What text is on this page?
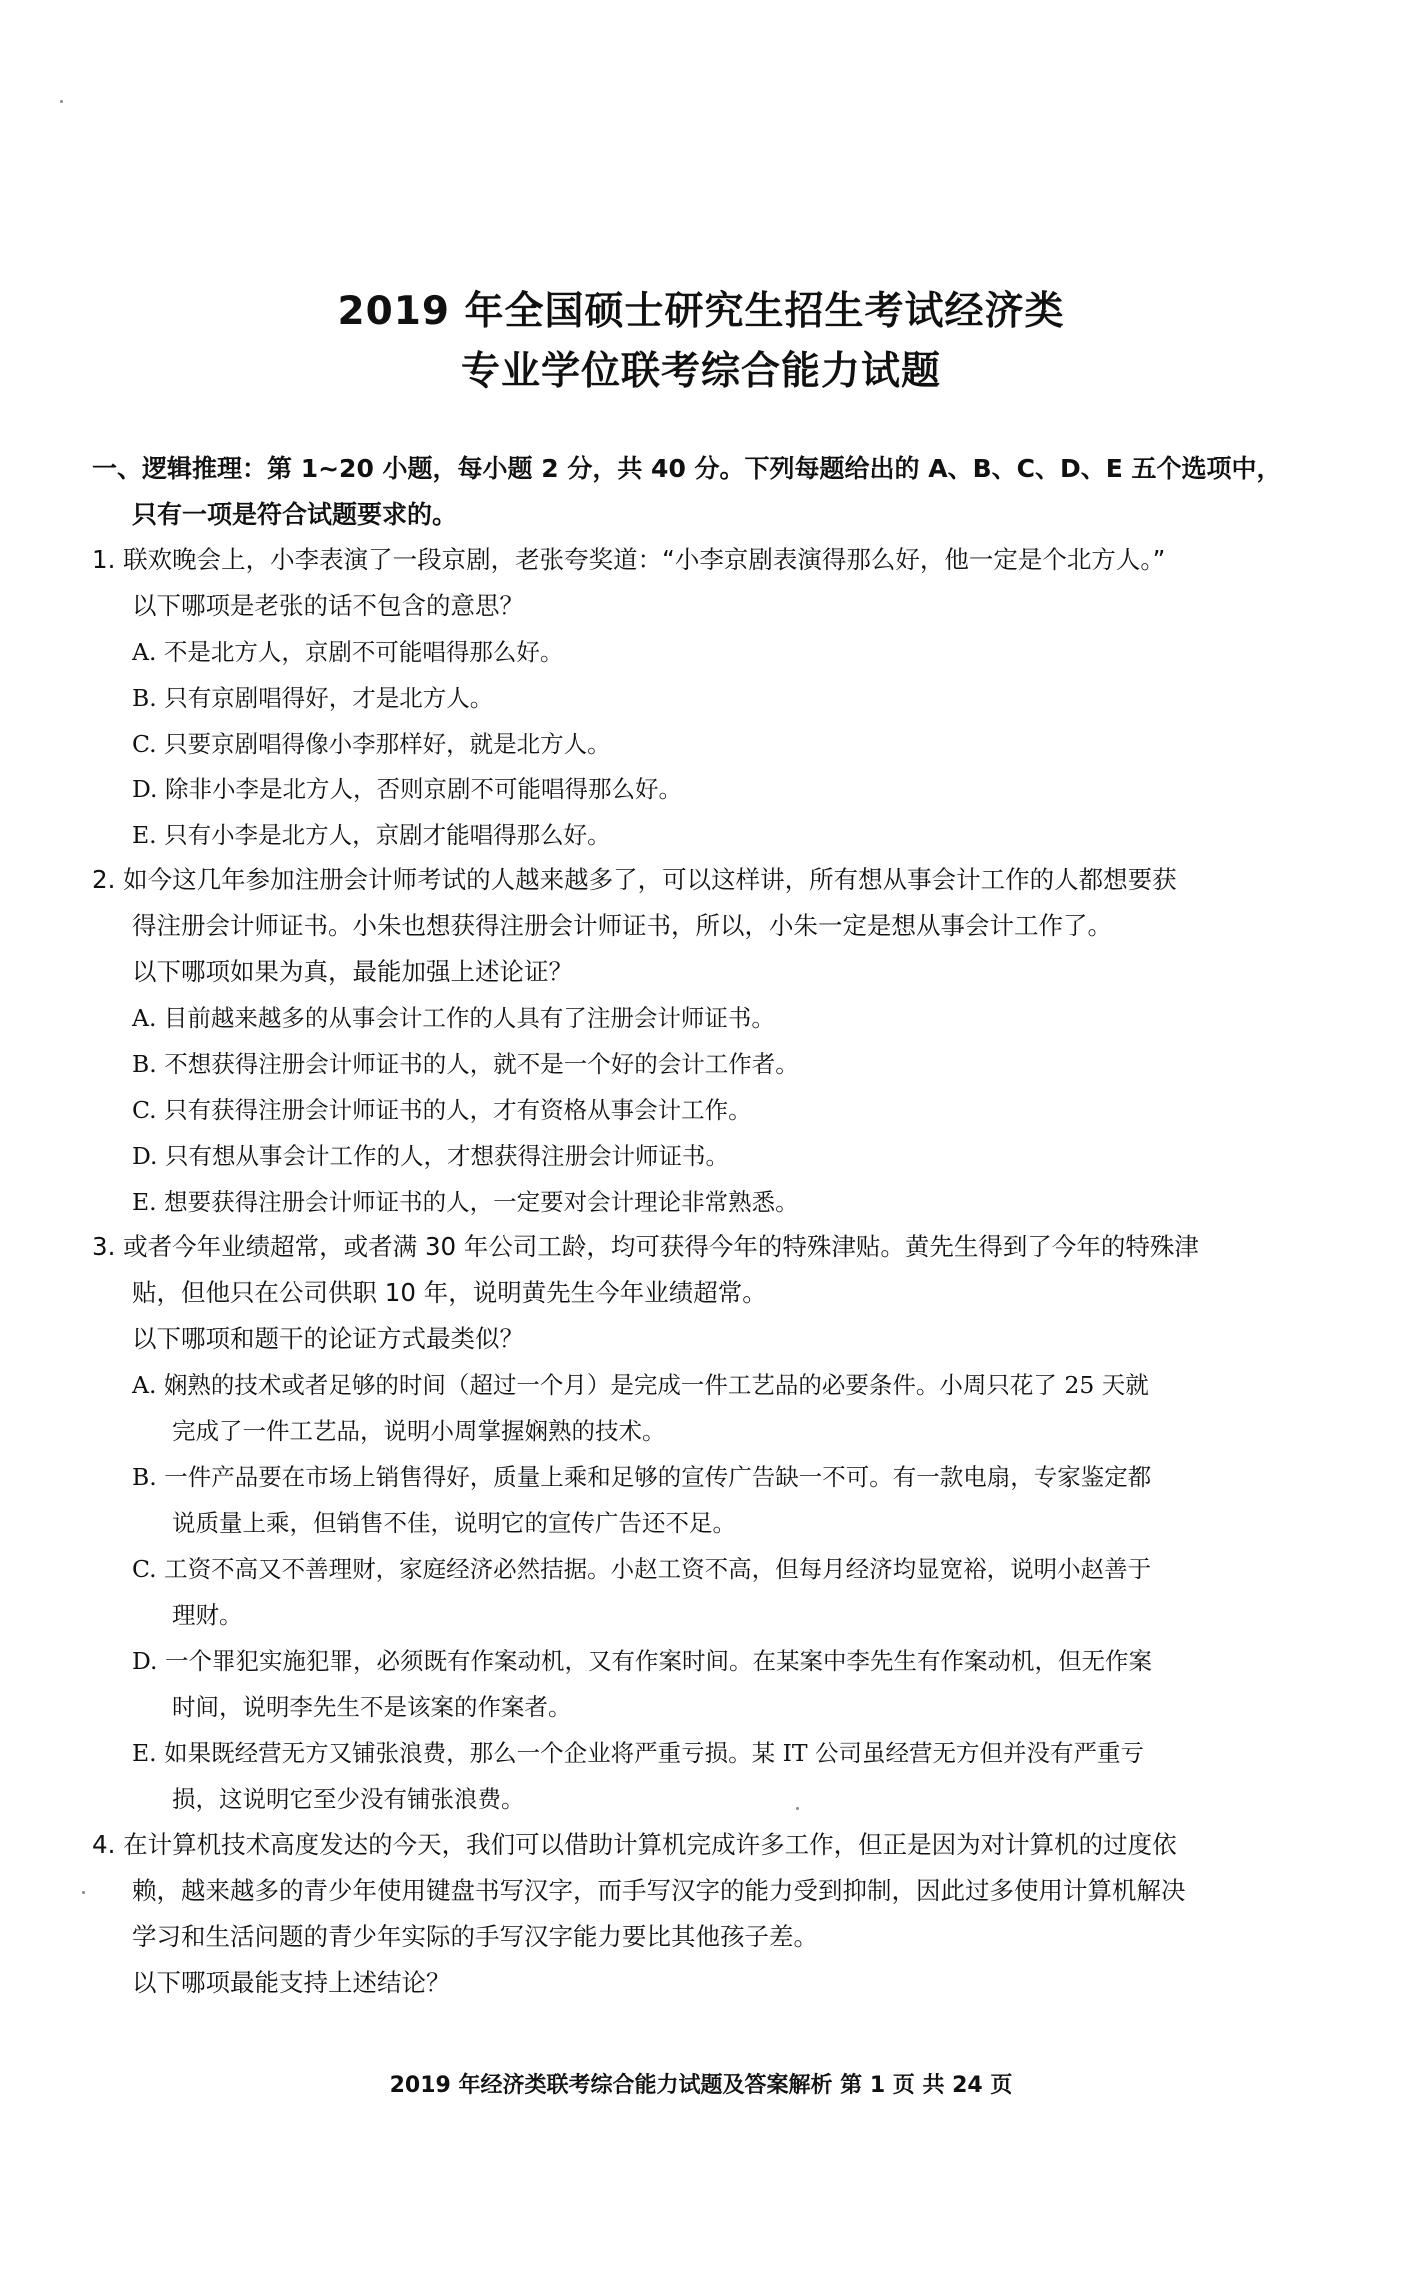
2019 年全国硕士研究生招生考试经济类
专业学位联考综合能力试题
一、逻辑推理：第 1~20 小题，每小题 2 分，共 40 分。下列每题给出的 A、B、C、D、E 五个选项中，
只有一项是符合试题要求的。
1. 联欢晚会上，小李表演了一段京剧，老张夸奖道：“小李京剧表演得那么好，他一定是个北方人。”
以下哪项是老张的话不包含的意思？
A. 不是北方人，京剧不可能唱得那么好。
B. 只有京剧唱得好，才是北方人。
C. 只要京剧唱得像小李那样好，就是北方人。
D. 除非小李是北方人，否则京剧不可能唱得那么好。
E. 只有小李是北方人，京剧才能唱得那么好。
2. 如今这几年参加注册会计师考试的人越来越多了，可以这样讲，所有想从事会计工作的人都想要获
得注册会计师证书。小朱也想获得注册会计师证书，所以，小朱一定是想从事会计工作了。
以下哪项如果为真，最能加强上述论证？
A. 目前越来越多的从事会计工作的人具有了注册会计师证书。
B. 不想获得注册会计师证书的人，就不是一个好的会计工作者。
C. 只有获得注册会计师证书的人，才有资格从事会计工作。
D. 只有想从事会计工作的人，才想获得注册会计师证书。
E. 想要获得注册会计师证书的人，一定要对会计理论非常熟悉。
3. 或者今年业绩超常，或者满 30 年公司工龄，均可获得今年的特殊津贴。黄先生得到了今年的特殊津
贴，但他只在公司供职 10 年，说明黄先生今年业绩超常。
以下哪项和题干的论证方式最类似？
A. 娴熟的技术或者足够的时间（超过一个月）是完成一件工艺品的必要条件。小周只花了 25 天就
完成了一件工艺品，说明小周掌握娴熟的技术。
B. 一件产品要在市场上销售得好，质量上乘和足够的宣传广告缺一不可。有一款电扇，专家鉴定都
说质量上乘，但销售不佳，说明它的宣传广告还不足。
C. 工资不高又不善理财，家庭经济必然拮据。小赵工资不高，但每月经济均显宽裕，说明小赵善于
理财。
D. 一个罪犯实施犯罪，必须既有作案动机，又有作案时间。在某案中李先生有作案动机，但无作案
时间，说明李先生不是该案的作案者。
E. 如果既经营无方又铺张浪费，那么一个企业将严重亏损。某 IT 公司虽经营无方但并没有严重亏
损，这说明它至少没有铺张浪费。
4. 在计算机技术高度发达的今天，我们可以借助计算机完成许多工作，但正是因为对计算机的过度依
赖，越来越多的青少年使用键盘书写汉字，而手写汉字的能力受到抑制，因此过多使用计算机解决
学习和生活问题的青少年实际的手写汉字能力要比其他孩子差。
以下哪项最能支持上述结论？
2019 年经济类联考综合能力试题及答案解析 第 1 页 共 24 页
